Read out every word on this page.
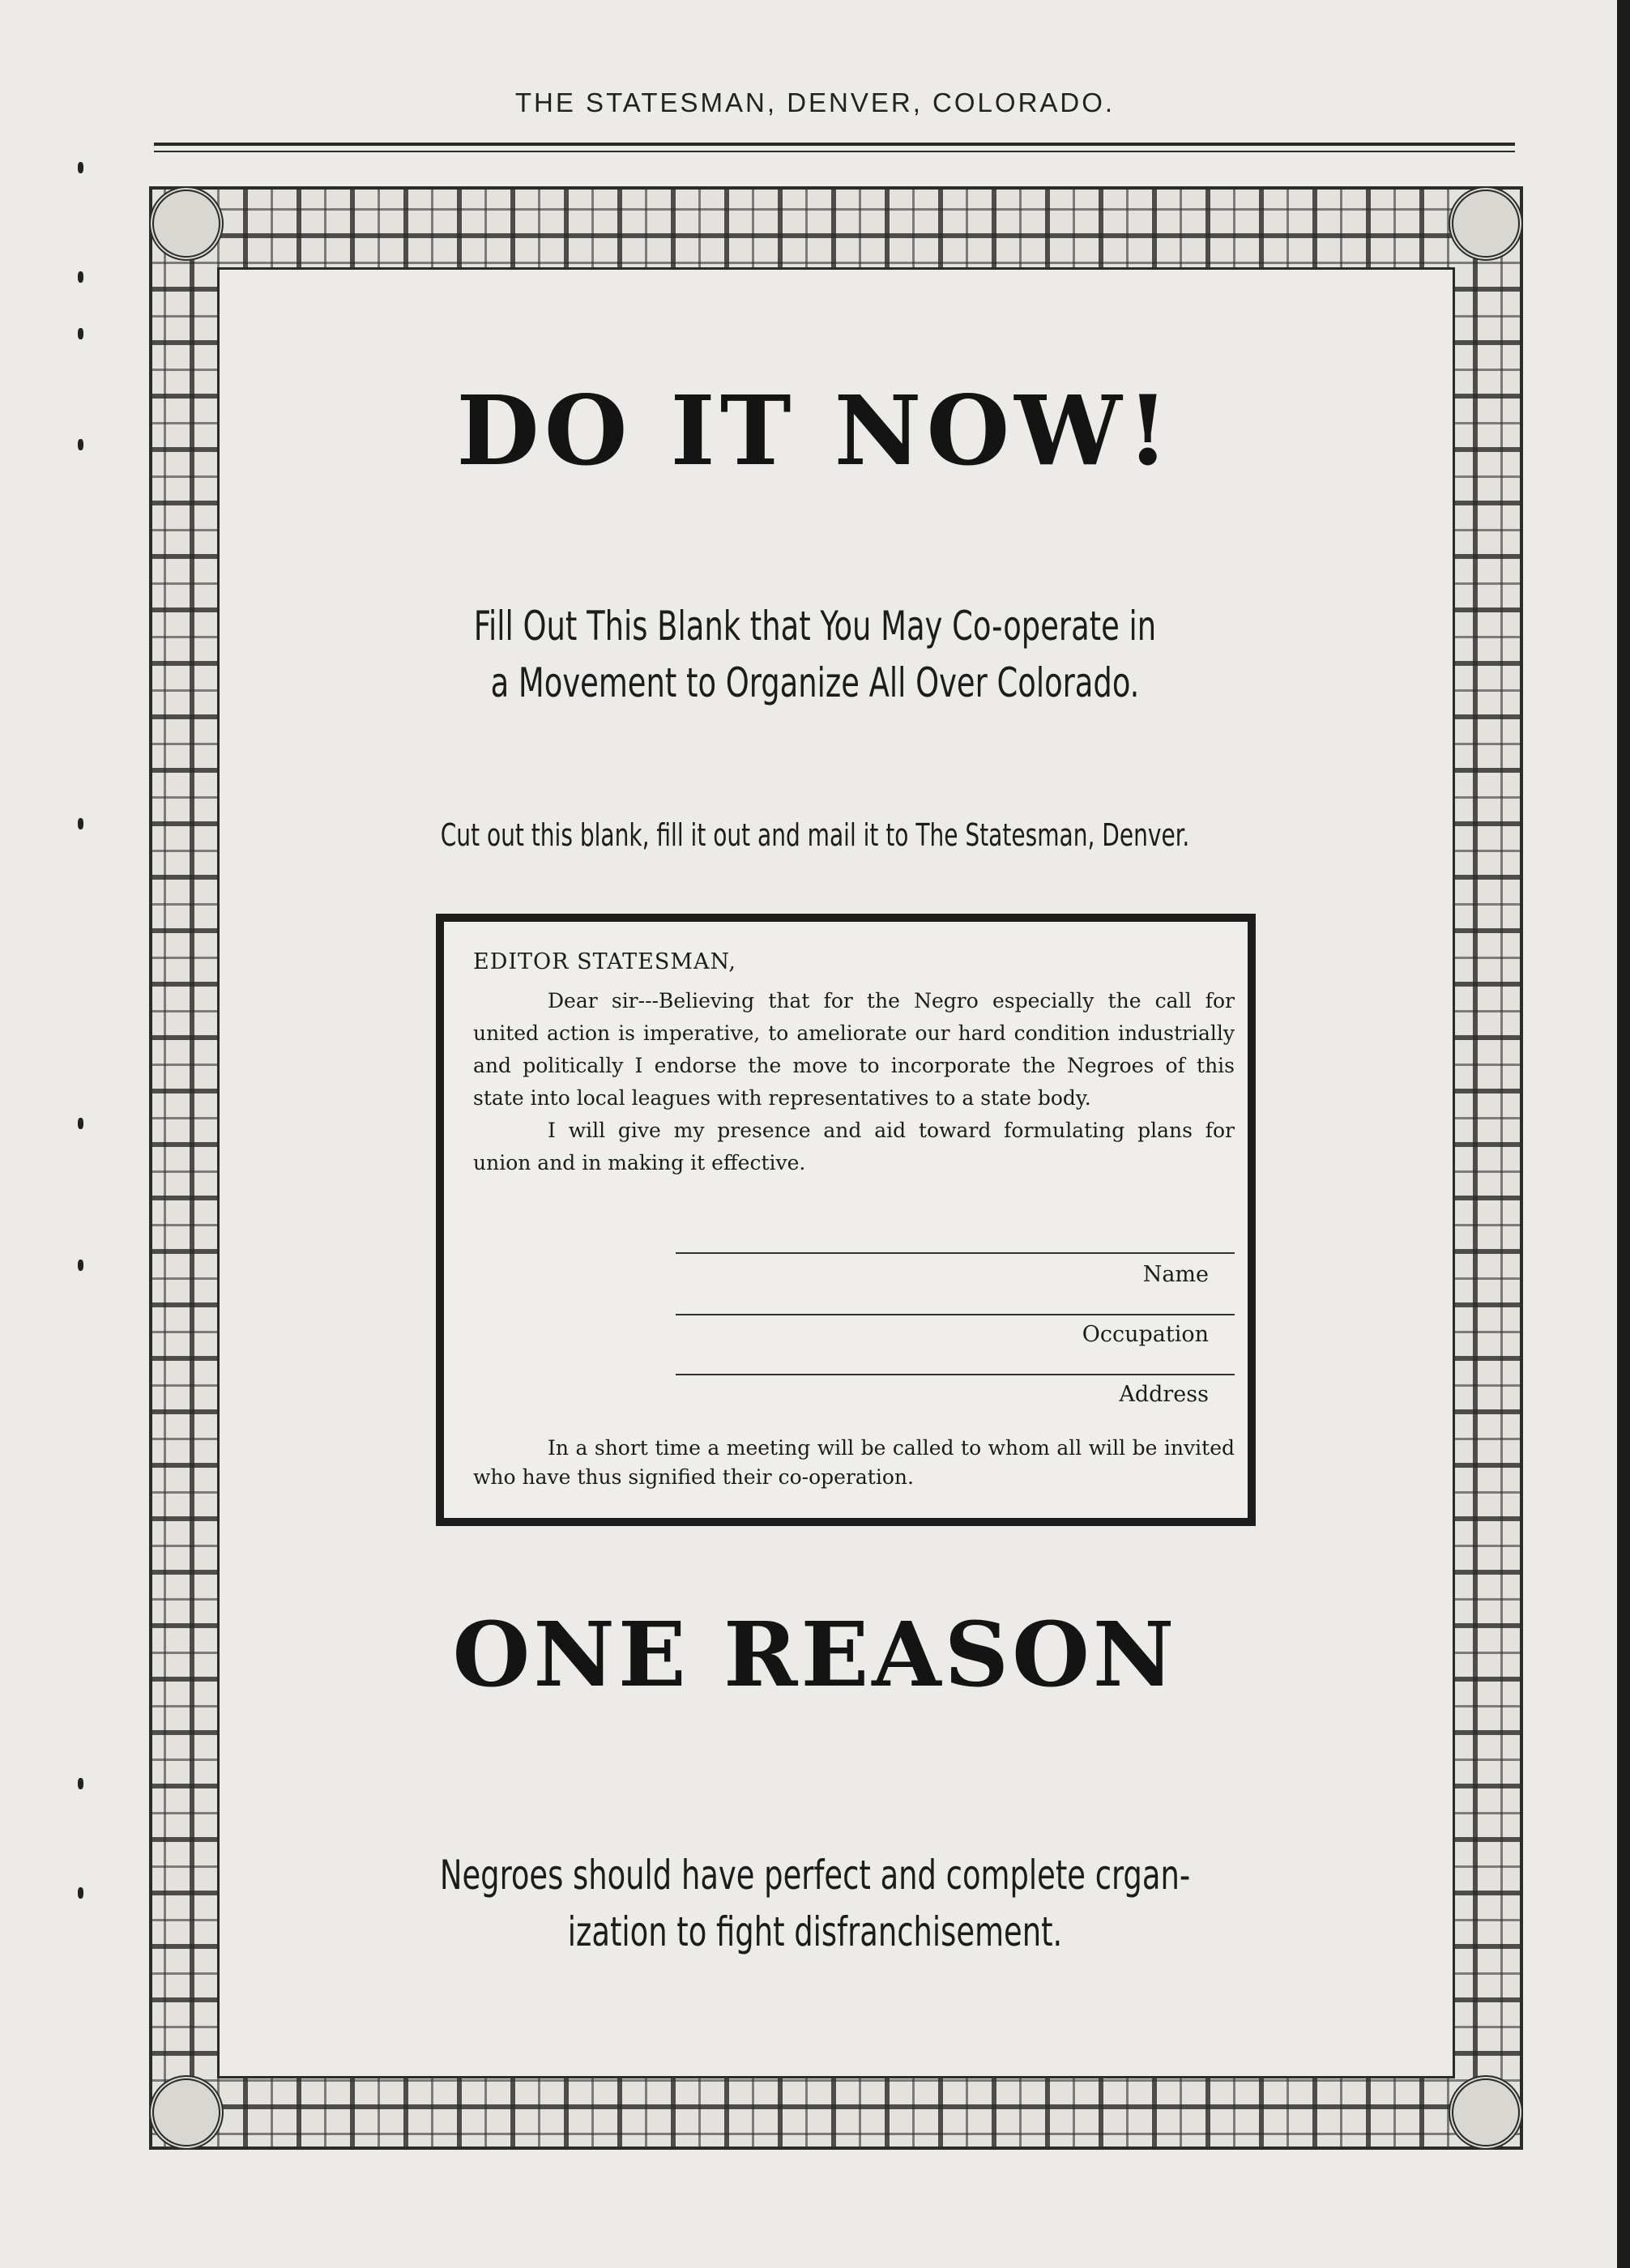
THE STATESMAN, DENVER, COLORADO.
DO IT NOW!
Fill Out This Blank that You May Co-operate in
a Movement to Organize All Over Colorado.
Cut out this blank, fill it out and mail it to The Statesman, Denver.
EDITOR STATESMAN,

Dear sir---Believing that for the Negro especially the call for united action is imperative, to ameliorate our hard condition industrially and politically I endorse the move to incorporate the Negroes of this state into local leagues with representatives to a state body.

I will give my presence and aid toward formulating plans for union and in making it effective.

Name
Occupation
Address

In a short time a meeting will be called to whom all will be invited who have thus signified their co-operation.

ONE REASON
Negroes should have perfect and complete crgan-
ization to fight disfranchisement.
